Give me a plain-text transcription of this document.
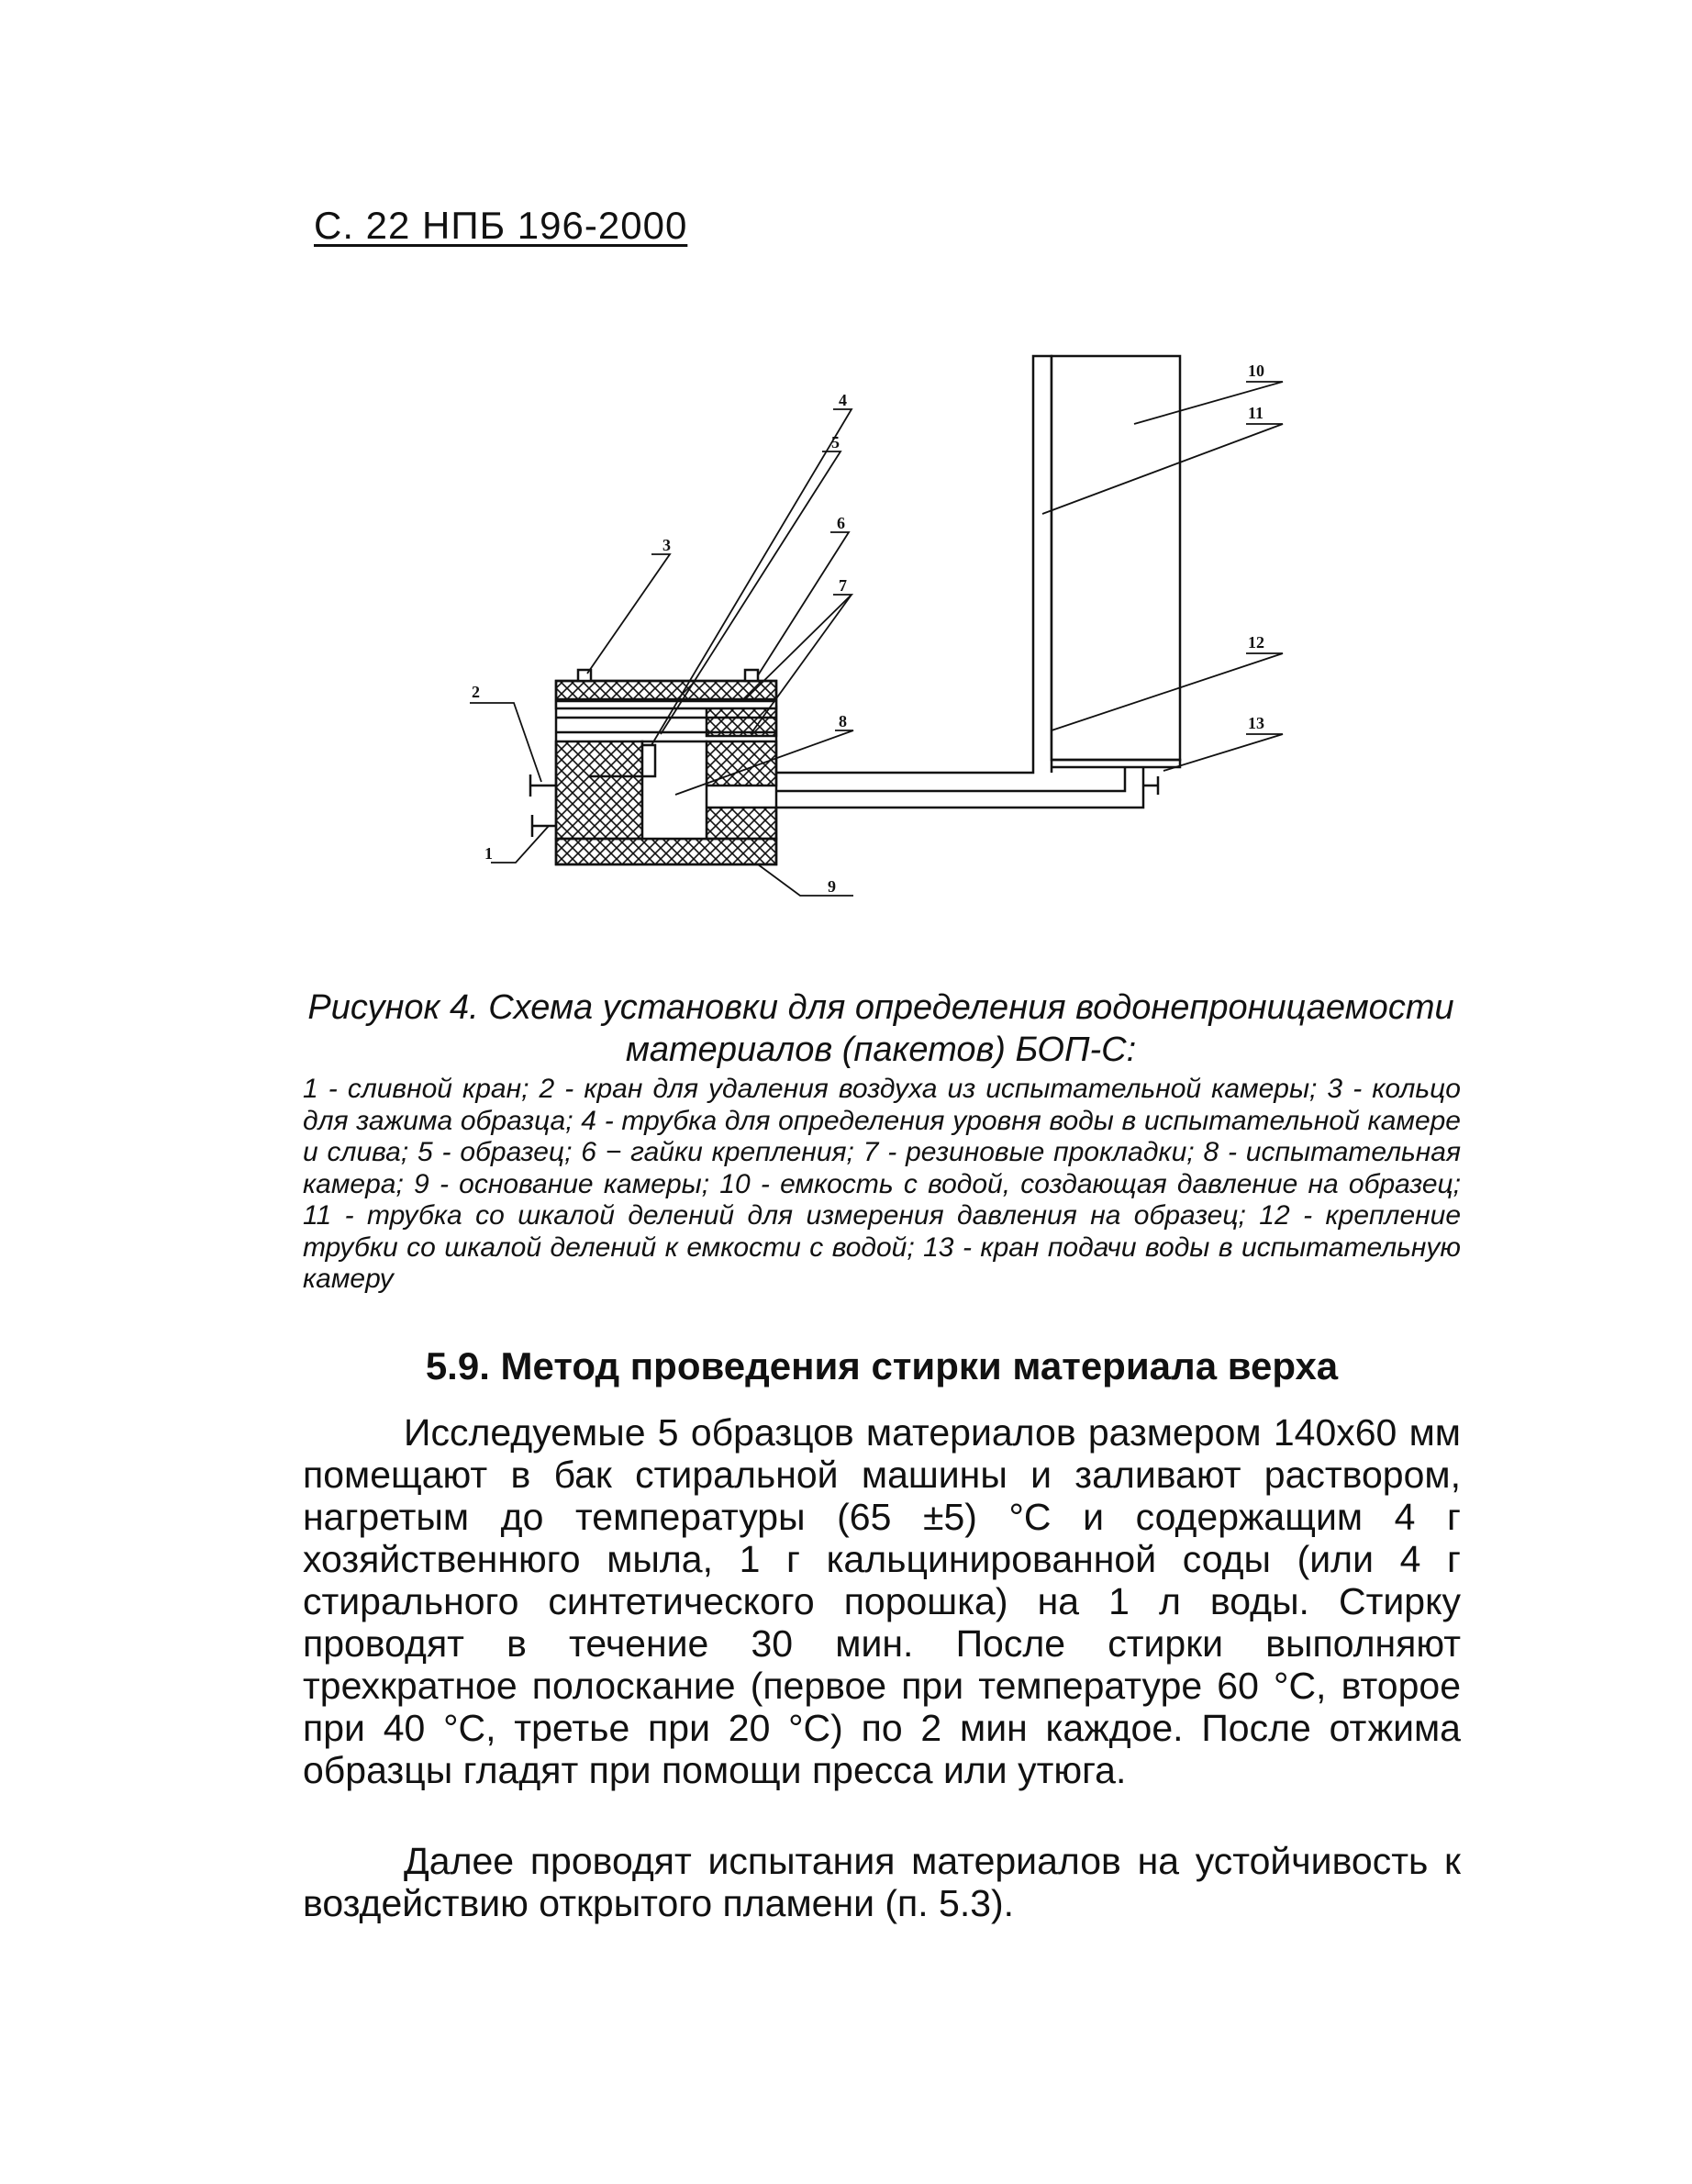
С. 22 НПБ 196-2000
1
2
3
4
5
6
7
8
9
10
11
12
13
Рисунок 4. Схема установки для определения водонепроницаемости материалов (пакетов) БОП-С:
1 - сливной кран; 2 - кран для удаления воздуха из испытательной камеры; 3 - кольцо для зажима образца; 4 - трубка для определения уровня воды в испытательной камере и слива; 5 - образец; 6 − гайки крепления; 7 - резиновые прокладки; 8 - испытательная камера; 9 - основание камеры; 10 - емкость с водой, создающая давление на образец; 11 - трубка со шкалой делений для измерения давления на образец; 12 - крепление трубки со шкалой делений к емкости с водой; 13 - кран подачи воды в испытательную камеру
5.9. Метод проведения стирки материала верха

Исследуемые 5 образцов материалов размером 140х60 мм помещают в бак стиральной машины и заливают раствором, нагретым до температуры (65 ±5) °С и содержащим 4 г хозяйственнюго мыла, 1 г кальцинированной соды (или 4 г стирального синтетического порошка) на 1 л воды. Стирку проводят в течение 30 мин. После стирки выполняют трехкратное полоскание (первое при температуре 60 °С, второе при 40 °С, третье при 20 °С) по 2 мин каждое. После отжима образцы гладят при помощи пресса или утюга.

Далее проводят испытания материалов на устойчивость к воздействию открытого пламени (п. 5.3).
